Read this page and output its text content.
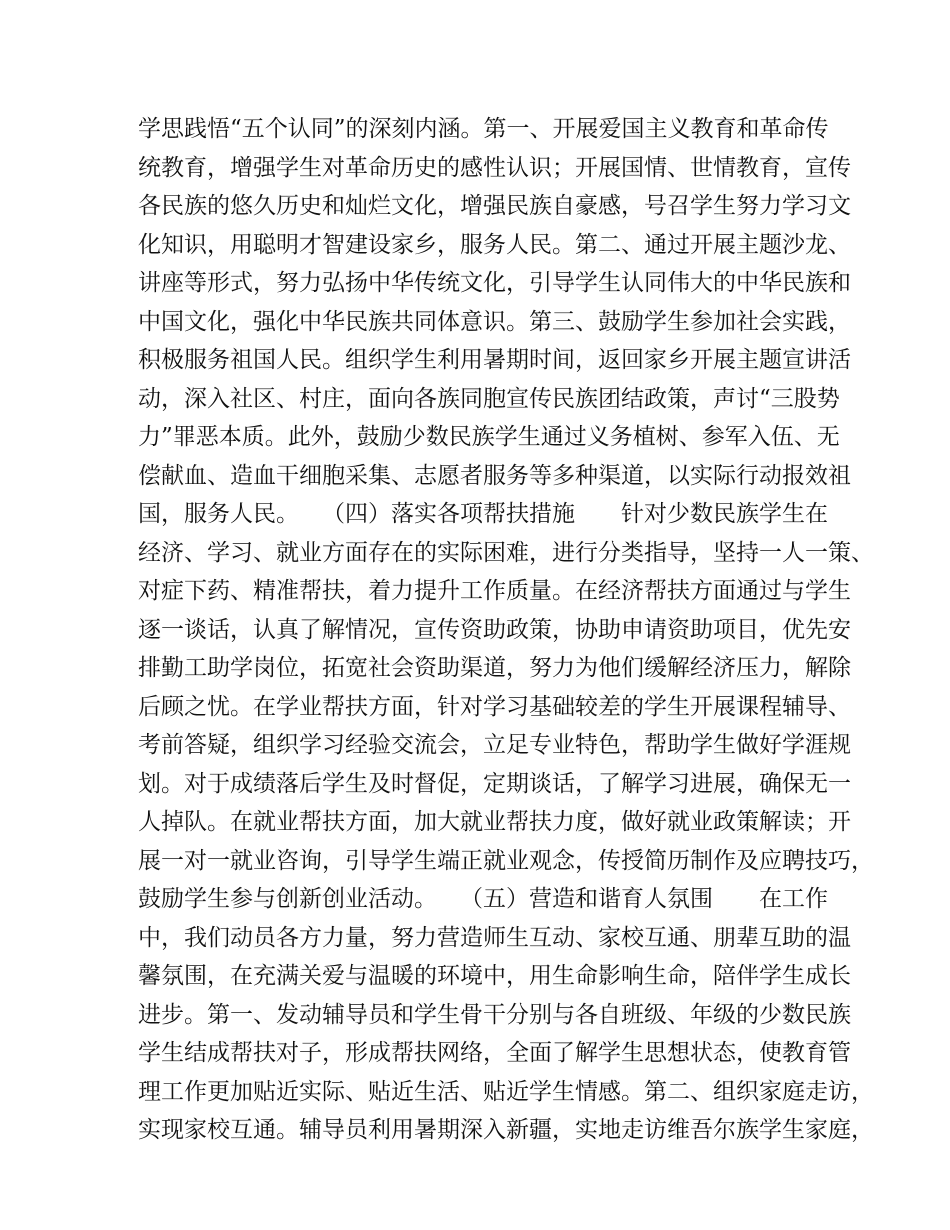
学思践悟“五个认同”的深刻内涵。第一、开展爱国主义教育和革命传
统教育，增强学生对革命历史的感性认识；开展国情、世情教育，宣传
各民族的悠久历史和灿烂文化，增强民族自豪感，号召学生努力学习文
化知识，用聪明才智建设家乡，服务人民。第二、通过开展主题沙龙、
讲座等形式，努力弘扬中华传统文化，引导学生认同伟大的中华民族和
中国文化，强化中华民族共同体意识。第三、鼓励学生参加社会实践，
积极服务祖国人民。组织学生利用暑期时间，返回家乡开展主题宣讲活
动，深入社区、村庄，面向各族同胞宣传民族团结政策，声讨“三股势
力”罪恶本质。此外，鼓励少数民族学生通过义务植树、参军入伍、无
偿献血、造血干细胞采集、志愿者服务等多种渠道，以实际行动报效祖
国，服务人民。　　（四）落实各项帮扶措施　　针对少数民族学生在
经济、学习、就业方面存在的实际困难，进行分类指导，坚持一人一策、
对症下药、精准帮扶，着力提升工作质量。在经济帮扶方面通过与学生
逐一谈话，认真了解情况，宣传资助政策，协助申请资助项目，优先安
排勤工助学岗位，拓宽社会资助渠道，努力为他们缓解经济压力，解除
后顾之忧。在学业帮扶方面，针对学习基础较差的学生开展课程辅导、
考前答疑，组织学习经验交流会，立足专业特色，帮助学生做好学涯规
划。对于成绩落后学生及时督促，定期谈话，了解学习进展，确保无一
人掉队。在就业帮扶方面，加大就业帮扶力度，做好就业政策解读；开
展一对一就业咨询，引导学生端正就业观念，传授简历制作及应聘技巧，
鼓励学生参与创新创业活动。　　（五）营造和谐育人氛围　　在工作
中，我们动员各方力量，努力营造师生互动、家校互通、朋辈互助的温
馨氛围，在充满关爱与温暖的环境中，用生命影响生命，陪伴学生成长
进步。第一、发动辅导员和学生骨干分别与各自班级、年级的少数民族
学生结成帮扶对子，形成帮扶网络，全面了解学生思想状态，使教育管
理工作更加贴近实际、贴近生活、贴近学生情感。第二、组织家庭走访，
实现家校互通。辅导员利用暑期深入新疆，实地走访维吾尔族学生家庭，
